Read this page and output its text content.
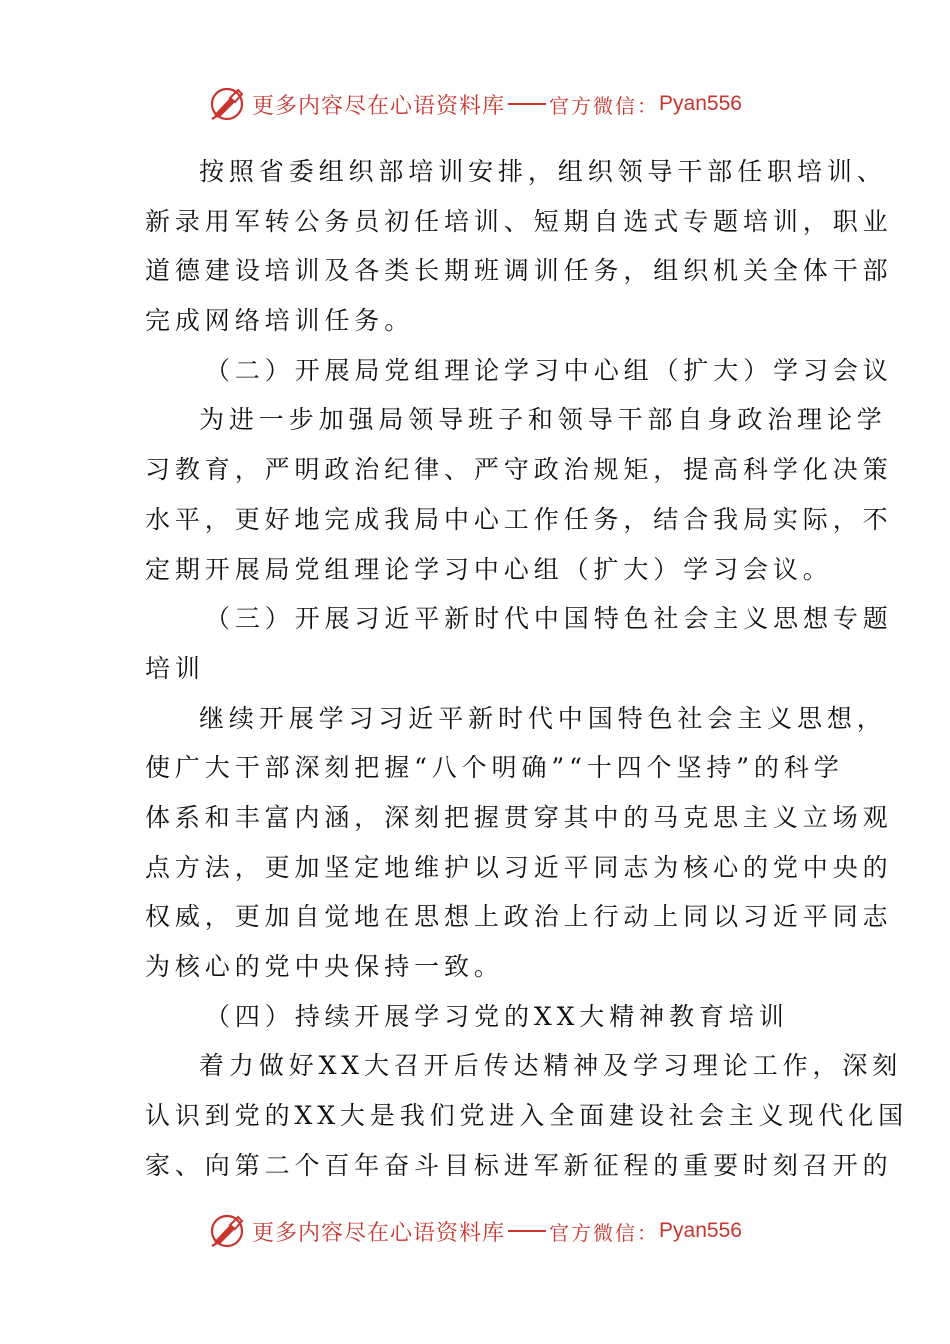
更多内容尽在心语资料库 官方微信： Pyan556
按照省委组织部培训安排，组织领导干部任职培训、
新录用军转公务员初任培训、短期自选式专题培训，职业
道德建设培训及各类长期班调训任务，组织机关全体干部
完成网络培训任务。
（二）开展局党组理论学习中心组（扩大）学习会议
为进一步加强局领导班子和领导干部自身政治理论学
习教育，严明政治纪律、严守政治规矩，提高科学化决策
水平，更好地完成我局中心工作任务，结合我局实际，不
定期开展局党组理论学习中心组（扩大）学习会议。
（三）开展习近平新时代中国特色社会主义思想专题
培训
继续开展学习习近平新时代中国特色社会主义思想，
使广大干部深刻把握“八个明确”“十四个坚持”的科学
体系和丰富内涵，深刻把握贯穿其中的马克思主义立场观
点方法，更加坚定地维护以习近平同志为核心的党中央的
权威，更加自觉地在思想上政治上行动上同以习近平同志
为核心的党中央保持一致。
（四）持续开展学习党的XX大精神教育培训
着力做好XX大召开后传达精神及学习理论工作，深刻
认识到党的XX大是我们党进入全面建设社会主义现代化国
家、向第二个百年奋斗目标进军新征程的重要时刻召开的
更多内容尽在心语资料库 官方微信： Pyan556
